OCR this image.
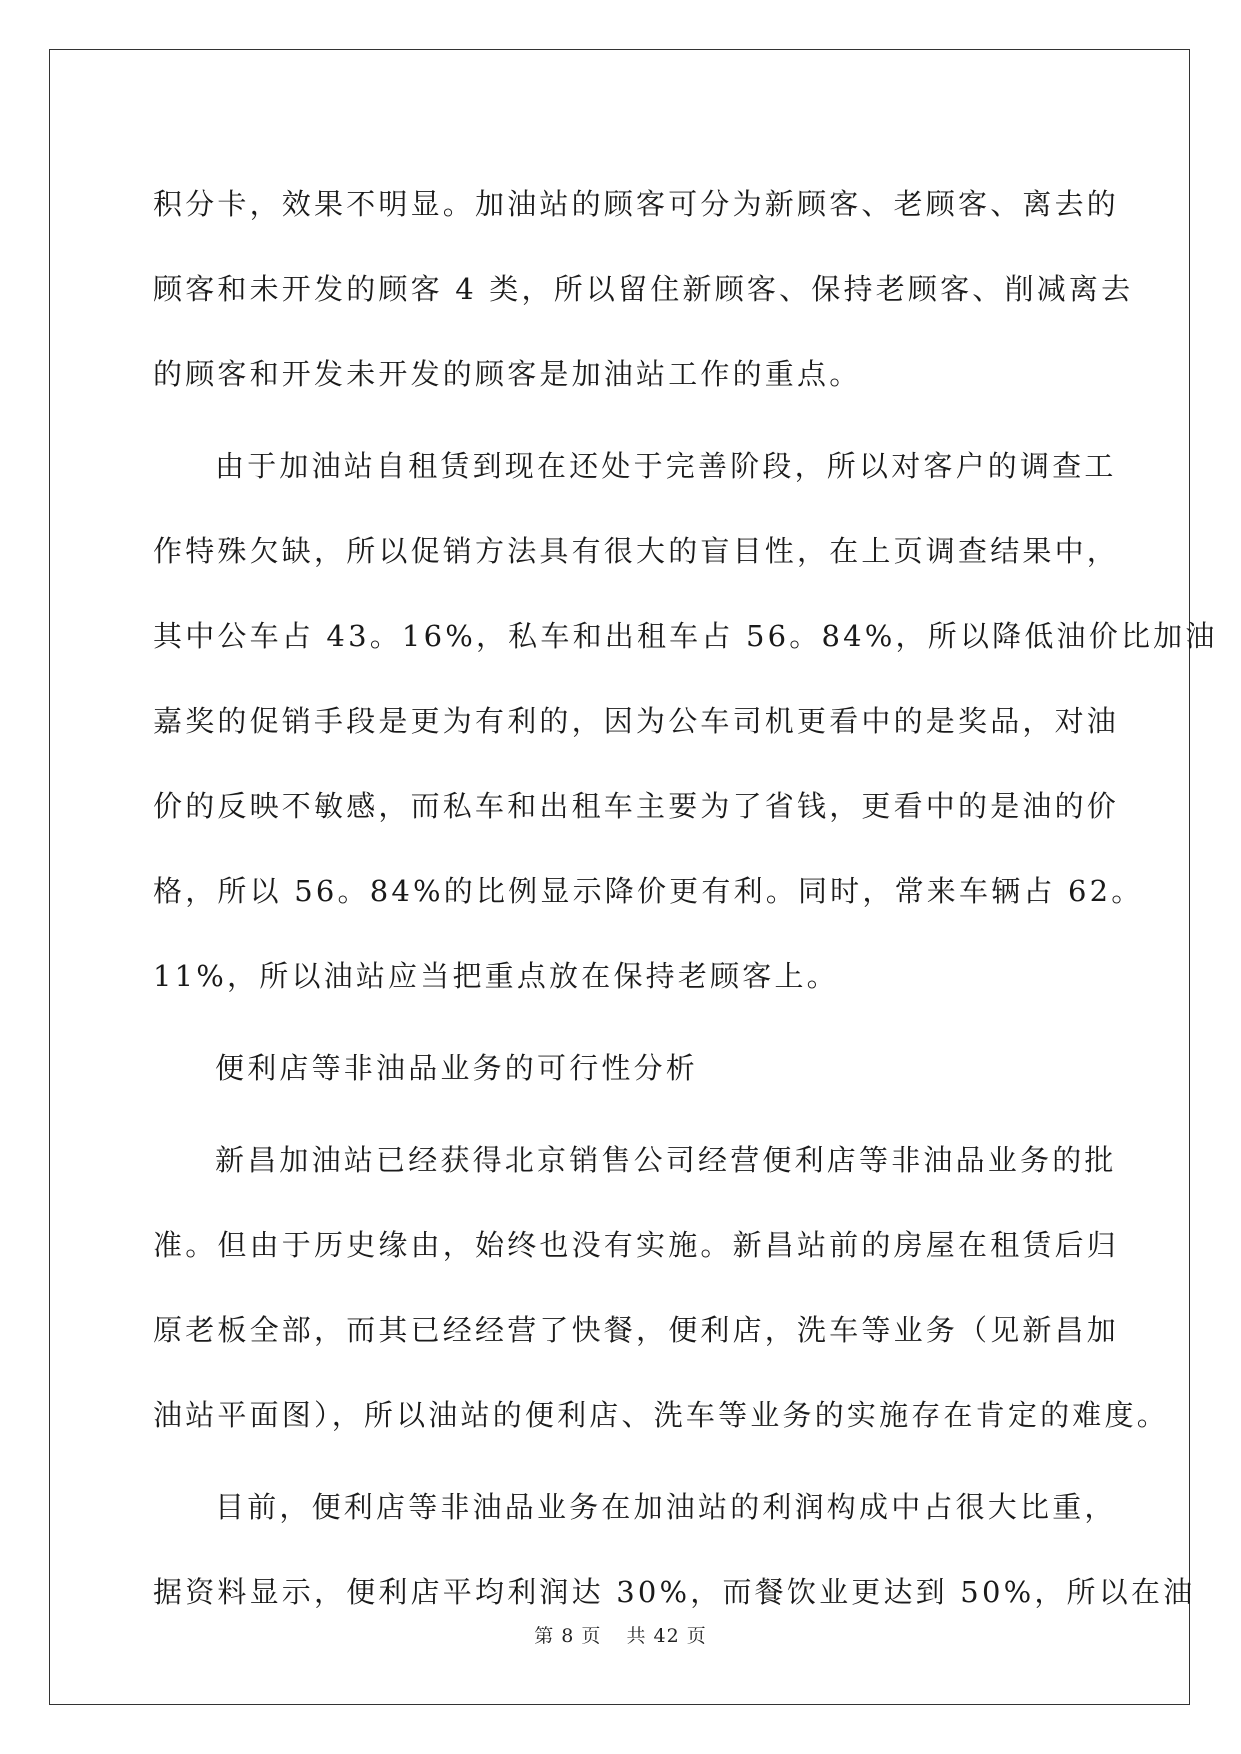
积分卡，效果不明显。加油站的顾客可分为新顾客、老顾客、离去的
顾客和未开发的顾客 4 类，所以留住新顾客、保持老顾客、削减离去
的顾客和开发未开发的顾客是加油站工作的重点。

由于加油站自租赁到现在还处于完善阶段，所以对客户的调查工
作特殊欠缺，所以促销方法具有很大的盲目性，在上页调查结果中，
其中公车占 43。16%，私车和出租车占 56。84%，所以降低油价比加油
嘉奖的促销手段是更为有利的，因为公车司机更看中的是奖品，对油
价的反映不敏感，而私车和出租车主要为了省钱，更看中的是油的价
格，所以 56。84%的比例显示降价更有利。同时，常来车辆占 62。
11%，所以油站应当把重点放在保持老顾客上。

便利店等非油品业务的可行性分析

新昌加油站已经获得北京销售公司经营便利店等非油品业务的批
准。但由于历史缘由，始终也没有实施。新昌站前的房屋在租赁后归
原老板全部，而其已经经营了快餐，便利店，洗车等业务（见新昌加
油站平面图），所以油站的便利店、洗车等业务的实施存在肯定的难度。

目前，便利店等非油品业务在加油站的利润构成中占很大比重，
据资料显示，便利店平均利润达 30%，而餐饮业更达到 50%，所以在油

第 8 页 共 42 页
